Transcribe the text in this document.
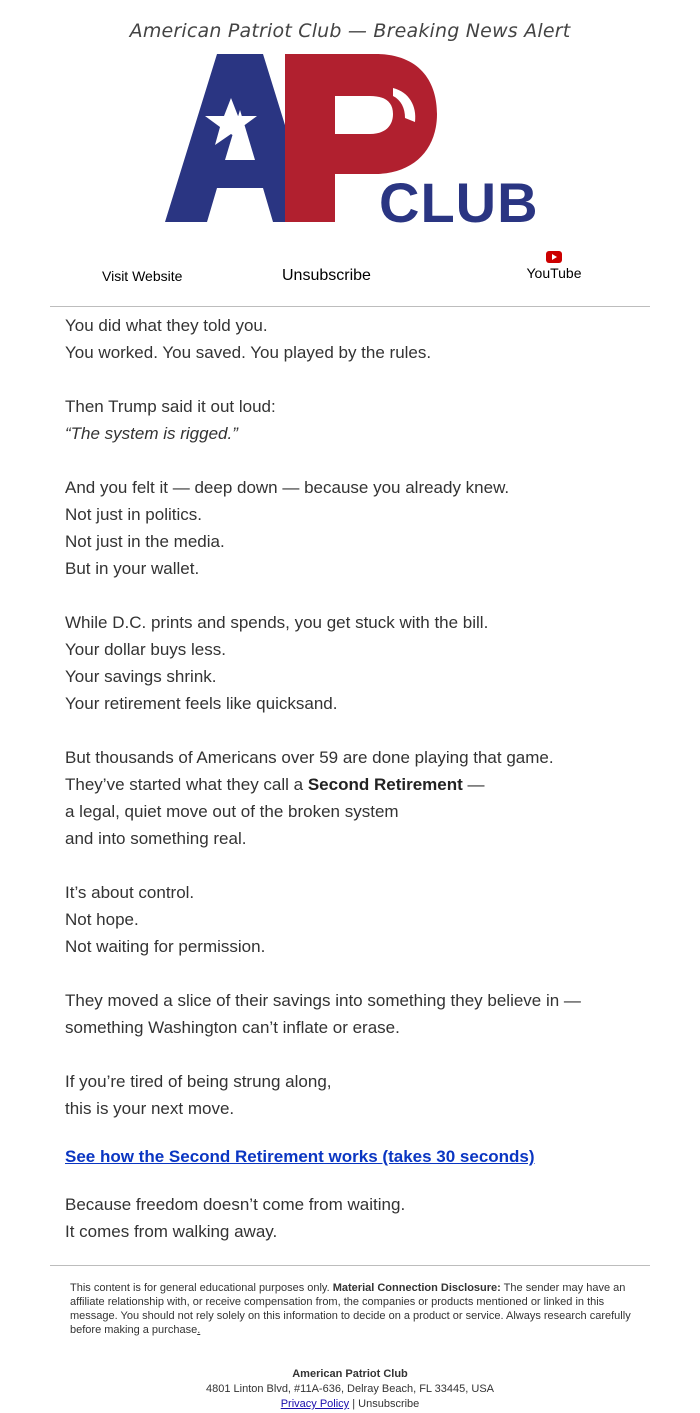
American Patriot Club — Breaking News Alert
CLUB
Visit Website	Unsubscribe	YouTube

You did what they told you.
You worked. You saved. You played by the rules.

Then Trump said it out loud:
“The system is rigged.”

And you felt it — deep down — because you already knew.
Not just in politics.
Not just in the media.
But in your wallet.

While D.C. prints and spends, you get stuck with the bill.
Your dollar buys less.
Your savings shrink.
Your retirement feels like quicksand.

But thousands of Americans over 59 are done playing that game.
They’ve started what they call a Second Retirement —
a legal, quiet move out of the broken system
and into something real.

It’s about control.
Not hope.
Not waiting for permission.

They moved a slice of their savings into something they believe in —
something Washington can’t inflate or erase.

If you’re tired of being strung along,
this is your next move.

See how the Second Retirement works (takes 30 seconds)
Because freedom doesn’t come from waiting.
It comes from walking away.
This content is for general educational purposes only. Material Connection Disclosure: The sender may have an affiliate relationship with, or receive compensation from, the companies or products mentioned or linked in this message. You should not rely solely on this information to decide on a product or service. Always research carefully before making a purchase.
American Patriot Club
4801 Linton Blvd, #11A-636, Delray Beach, FL 33445, USA
Privacy Policy | Unsubscribe
